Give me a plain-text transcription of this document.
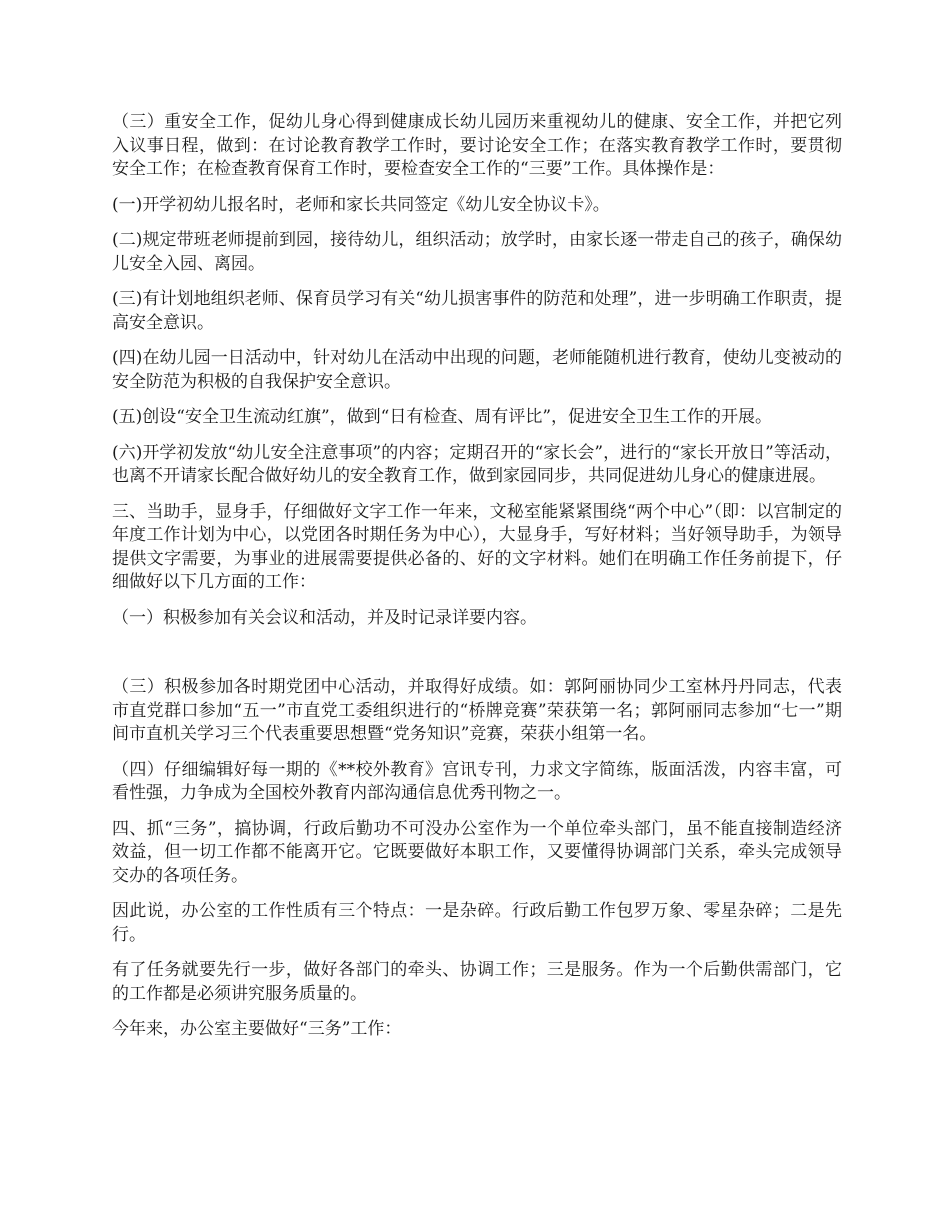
（三）重安全工作，促幼儿身心得到健康成长幼儿园历来重视幼儿的健康、安全工作，并把它列入议事日程，做到：在讨论教育教学工作时，要讨论安全工作；在落实教育教学工作时，要贯彻安全工作；在检查教育保育工作时，要检查安全工作的“三要”工作。具体操作是：

(一)开学初幼儿报名时，老师和家长共同签定《幼儿安全协议卡》。

(二)规定带班老师提前到园，接待幼儿，组织活动；放学时，由家长逐一带走自己的孩子，确保幼儿安全入园、离园。

(三)有计划地组织老师、保育员学习有关“幼儿损害事件的防范和处理”，进一步明确工作职责，提高安全意识。

(四)在幼儿园一日活动中，针对幼儿在活动中出现的问题，老师能随机进行教育，使幼儿变被动的安全防范为积极的自我保护安全意识。

(五)创设“安全卫生流动红旗”，做到“日有检查、周有评比”，促进安全卫生工作的开展。

(六)开学初发放“幼儿安全注意事项”的内容；定期召开的“家长会”，进行的“家长开放日”等活动，也离不开请家长配合做好幼儿的安全教育工作，做到家园同步，共同促进幼儿身心的健康进展。

三、当助手，显身手，仔细做好文字工作一年来，文秘室能紧紧围绕“两个中心”（即：以宫制定的年度工作计划为中心，以党团各时期任务为中心），大显身手，写好材料；当好领导助手，为领导提供文字需要，为事业的进展需要提供必备的、好的文字材料。她们在明确工作任务前提下，仔细做好以下几方面的工作：

（一）积极参加有关会议和活动，并及时记录详要内容。

（三）积极参加各时期党团中心活动，并取得好成绩。如：郭阿丽协同少工室林丹丹同志，代表市直党群口参加“五一”市直党工委组织进行的“桥牌竞赛”荣获第一名；郭阿丽同志参加“七一”期间市直机关学习三个代表重要思想暨“党务知识”竞赛，荣获小组第一名。

（四）仔细编辑好每一期的《**校外教育》宫讯专刊，力求文字简练，版面活泼，内容丰富，可看性强，力争成为全国校外教育内部沟通信息优秀刊物之一。

四、抓“三务”，搞协调，行政后勤功不可没办公室作为一个单位牵头部门，虽不能直接制造经济效益，但一切工作都不能离开它。它既要做好本职工作，又要懂得协调部门关系，牵头完成领导交办的各项任务。

因此说，办公室的工作性质有三个特点：一是杂碎。行政后勤工作包罗万象、零星杂碎；二是先行。

有了任务就要先行一步，做好各部门的牵头、协调工作；三是服务。作为一个后勤供需部门，它的工作都是必须讲究服务质量的。

今年来，办公室主要做好“三务”工作：
